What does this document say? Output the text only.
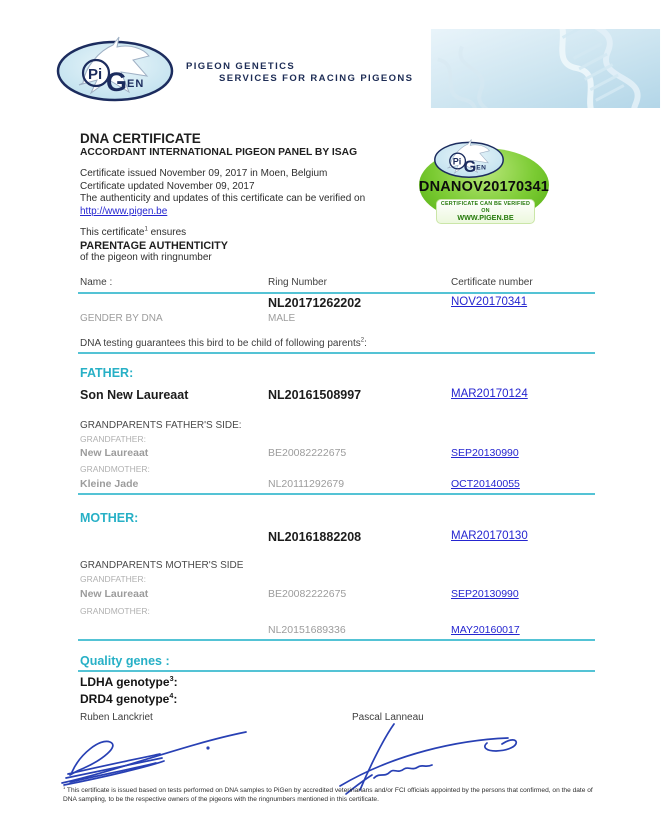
PIGEON GENETICS
SERVICES FOR RACING PIGEONS
DNA CERTIFICATE
ACCORDANT INTERNATIONAL PIGEON PANEL BY ISAG
Certificate issued November 09, 2017 in Moen, Belgium
Certificate updated November 09, 2017
The authenticity and updates of this certificate can be verified on
http://www.pigen.be
This certificate$^1$ ensures
PARENTAGE AUTHENTICITY
of the pigeon with ringnumber
DNANOV20170341
CERTIFICATE CAN BE VERIFIED ON
WWW.PIGEN.BE
Name :	Ring Number	Certificate number
NL20171262202	NOV20170341
GENDER BY DNA	MALE
DNA testing guarantees this bird to be child of following parents$^2$:
FATHER:
Son New Laureaat	NL20161508997	MAR20170124
GRANDPARENTS FATHER'S SIDE:
GRANDFATHER:
New Laureaat	BE20082222675	SEP20130990
GRANDMOTHER:
Kleine Jade	NL20111292679	OCT20140055
MOTHER:
NL20161882208	MAR20170130
GRANDPARENTS MOTHER'S SIDE
GRANDFATHER:
New Laureaat	BE20082222675	SEP20130990
GRANDMOTHER:
NL20151689336	MAY20160017
Quality genes :
LDHA genotype$^3$:
DRD4 genotype$^4$:
Ruben Lanckriet	Pascal Lanneau
$^1$ This certificate is issued based on tests performed on DNA samples to PiGen by accredited veterinarians and/or FCI officials appointed by the persons that confirmed, on the date of DNA sampling, to be the respective owners of the pigeons with the ringnumbers mentioned in this certificate.
